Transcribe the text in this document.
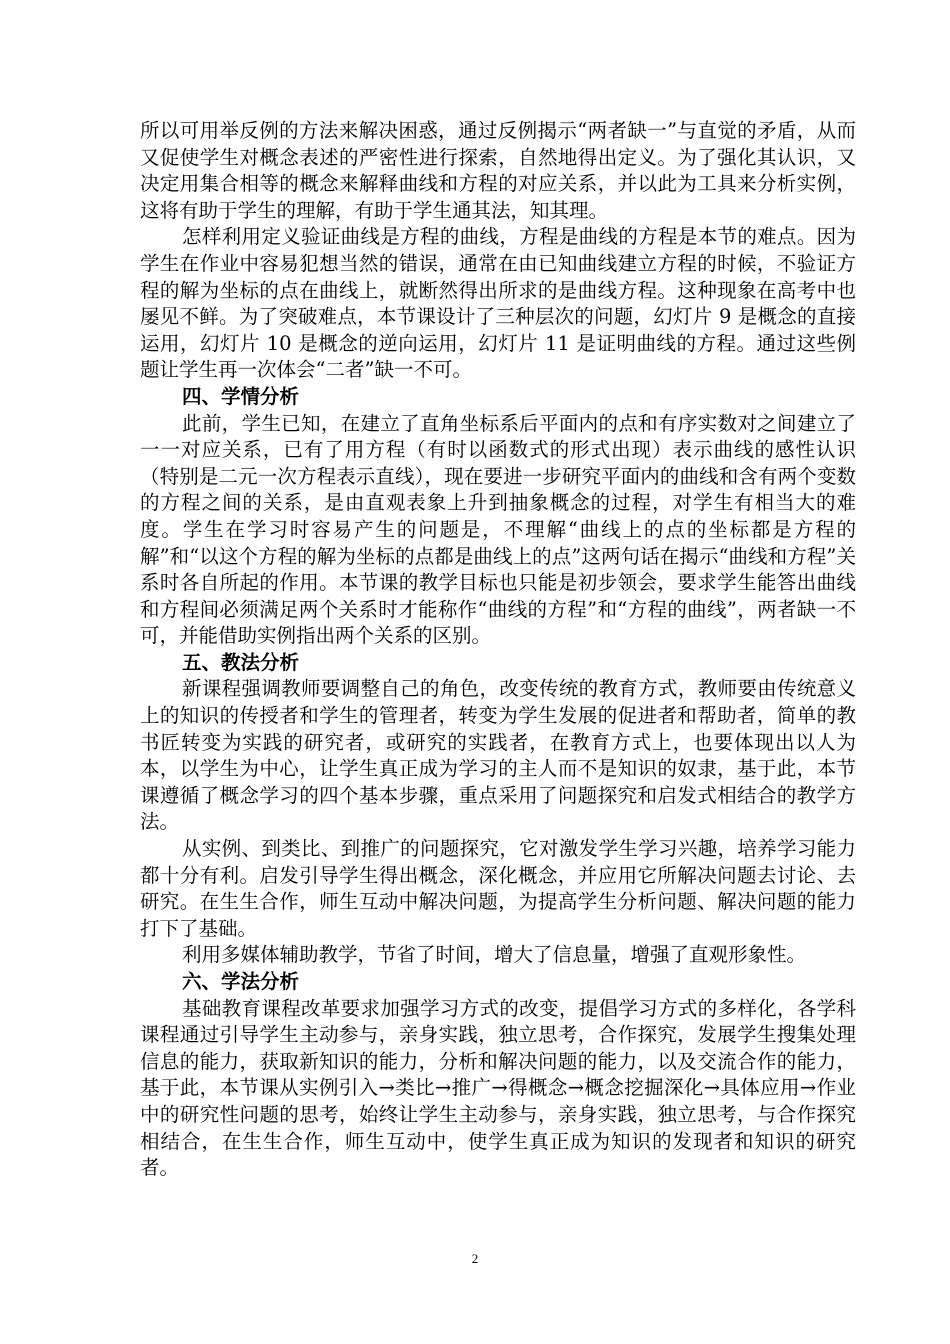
所以可用举反例的方法来解决困惑，通过反例揭示“两者缺一”与直觉的矛盾，从而又促使学生对概念表述的严密性进行探索，自然地得出定义。为了强化其认识，又决定用集合相等的概念来解释曲线和方程的对应关系，并以此为工具来分析实例，这将有助于学生的理解，有助于学生通其法，知其理。

怎样利用定义验证曲线是方程的曲线，方程是曲线的方程是本节的难点。因为学生在作业中容易犯想当然的错误，通常在由已知曲线建立方程的时候，不验证方程的解为坐标的点在曲线上，就断然得出所求的是曲线方程。这种现象在高考中也屡见不鲜。为了突破难点，本节课设计了三种层次的问题，幻灯片 9 是概念的直接运用，幻灯片 10 是概念的逆向运用，幻灯片 11 是证明曲线的方程。通过这些例题让学生再一次体会“二者”缺一不可。

四、学情分析

此前，学生已知，在建立了直角坐标系后平面内的点和有序实数对之间建立了一一对应关系，已有了用方程（有时以函数式的形式出现）表示曲线的感性认识（特别是二元一次方程表示直线），现在要进一步研究平面内的曲线和含有两个变数的方程之间的关系，是由直观表象上升到抽象概念的过程，对学生有相当大的难度。学生在学习时容易产生的问题是，不理解“曲线上的点的坐标都是方程的解”和“以这个方程的解为坐标的点都是曲线上的点”这两句话在揭示“曲线和方程”关系时各自所起的作用。本节课的教学目标也只能是初步领会，要求学生能答出曲线和方程间必须满足两个关系时才能称作“曲线的方程”和“方程的曲线”，两者缺一不可，并能借助实例指出两个关系的区别。

五、教法分析

新课程强调教师要调整自己的角色，改变传统的教育方式，教师要由传统意义上的知识的传授者和学生的管理者，转变为学生发展的促进者和帮助者，简单的教书匠转变为实践的研究者，或研究的实践者，在教育方式上，也要体现出以人为本，以学生为中心，让学生真正成为学习的主人而不是知识的奴隶，基于此，本节课遵循了概念学习的四个基本步骤，重点采用了问题探究和启发式相结合的教学方法。

从实例、到类比、到推广的问题探究，它对激发学生学习兴趣，培养学习能力都十分有利。启发引导学生得出概念，深化概念，并应用它所解决问题去讨论、去研究。在生生合作，师生互动中解决问题，为提高学生分析问题、解决问题的能力打下了基础。

利用多媒体辅助教学，节省了时间，增大了信息量，增强了直观形象性。

六、学法分析

基础教育课程改革要求加强学习方式的改变，提倡学习方式的多样化，各学科课程通过引导学生主动参与，亲身实践，独立思考，合作探究，发展学生搜集处理信息的能力，获取新知识的能力，分析和解决问题的能力，以及交流合作的能力，基于此，本节课从实例引入→类比→推广→得概念→概念挖掘深化→具体应用→作业中的研究性问题的思考，始终让学生主动参与，亲身实践，独立思考，与合作探究相结合，在生生合作，师生互动中，使学生真正成为知识的发现者和知识的研究者。

2
